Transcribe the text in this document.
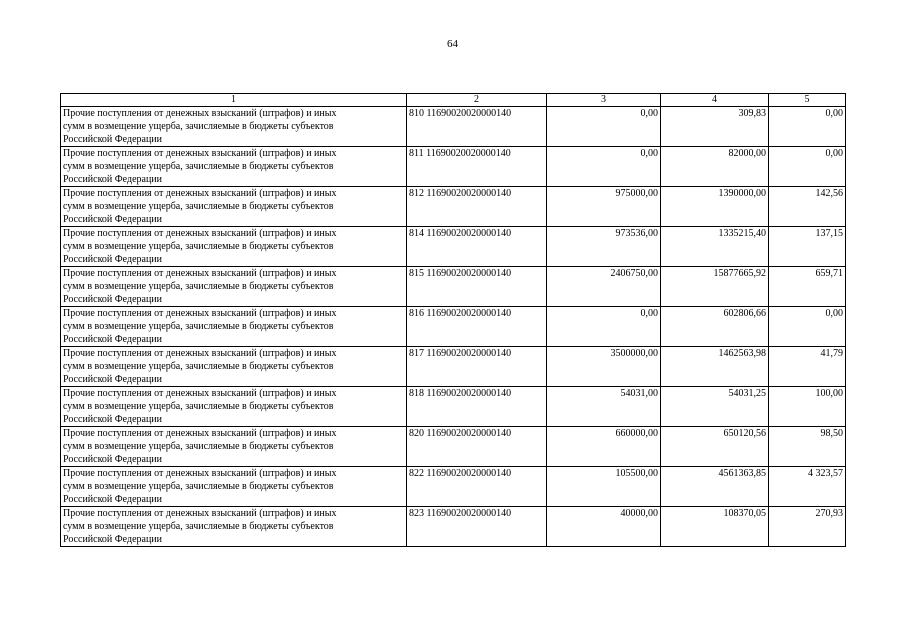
64
1	2	3	4	5

Прочие поступления от денежных взысканий (штрафов) и иных
сумм в возмещение ущерба, зачисляемые в бюджеты субъектов
Российской Федерации	810 11690020020000140	0,00	309,83	0,00

Прочие поступления от денежных взысканий (штрафов) и иных
сумм в возмещение ущерба, зачисляемые в бюджеты субъектов
Российской Федерации	811 11690020020000140	0,00	82000,00	0,00

Прочие поступления от денежных взысканий (штрафов) и иных
сумм в возмещение ущерба, зачисляемые в бюджеты субъектов
Российской Федерации	812 11690020020000140	975000,00	1390000,00	142,56

Прочие поступления от денежных взысканий (штрафов) и иных
сумм в возмещение ущерба, зачисляемые в бюджеты субъектов
Российской Федерации	814 11690020020000140	973536,00	1335215,40	137,15

Прочие поступления от денежных взысканий (штрафов) и иных
сумм в возмещение ущерба, зачисляемые в бюджеты субъектов
Российской Федерации	815 11690020020000140	2406750,00	15877665,92	659,71

Прочие поступления от денежных взысканий (штрафов) и иных
сумм в возмещение ущерба, зачисляемые в бюджеты субъектов
Российской Федерации	816 11690020020000140	0,00	602806,66	0,00

Прочие поступления от денежных взысканий (штрафов) и иных
сумм в возмещение ущерба, зачисляемые в бюджеты субъектов
Российской Федерации	817 11690020020000140	3500000,00	1462563,98	41,79

Прочие поступления от денежных взысканий (штрафов) и иных
сумм в возмещение ущерба, зачисляемые в бюджеты субъектов
Российской Федерации	818 11690020020000140	54031,00	54031,25	100,00

Прочие поступления от денежных взысканий (штрафов) и иных
сумм в возмещение ущерба, зачисляемые в бюджеты субъектов
Российской Федерации	820 11690020020000140	660000,00	650120,56	98,50

Прочие поступления от денежных взысканий (штрафов) и иных
сумм в возмещение ущерба, зачисляемые в бюджеты субъектов
Российской Федерации	822 11690020020000140	105500,00	4561363,85	4 323,57

Прочие поступления от денежных взысканий (штрафов) и иных
сумм в возмещение ущерба, зачисляемые в бюджеты субъектов
Российской Федерации	823 11690020020000140	40000,00	108370,05	270,93
